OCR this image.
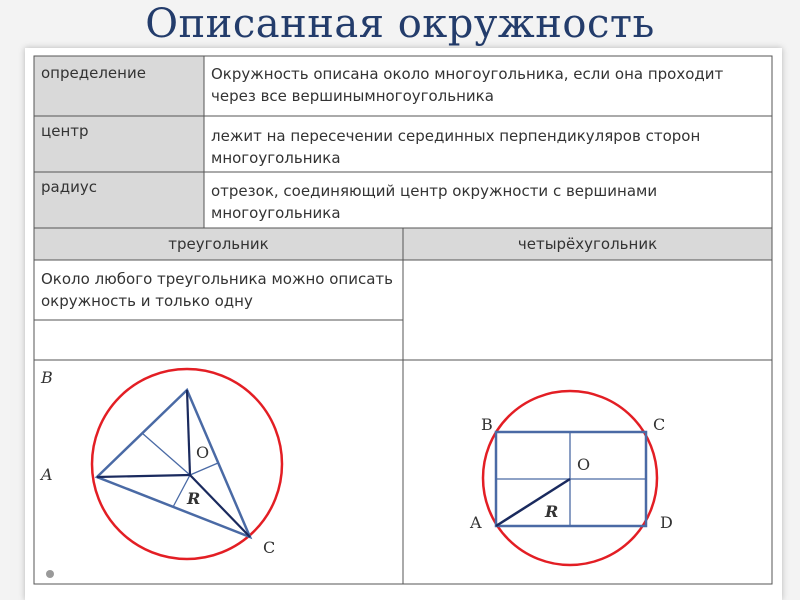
Описанная окружность

определение	Окружность описана около многоугольника, если она проходит через все вершинымногоугольника

центр	лежит на пересечении серединных перпендикуляров сторон многоугольника

радиус	отрезок, соединяющий центр окружности с вершинами многоугольника

треугольник	четырёхугольник

Около любого треугольника можно описать окружность и только одну

B
A
C
O
R
B	C
O
A	D
R
